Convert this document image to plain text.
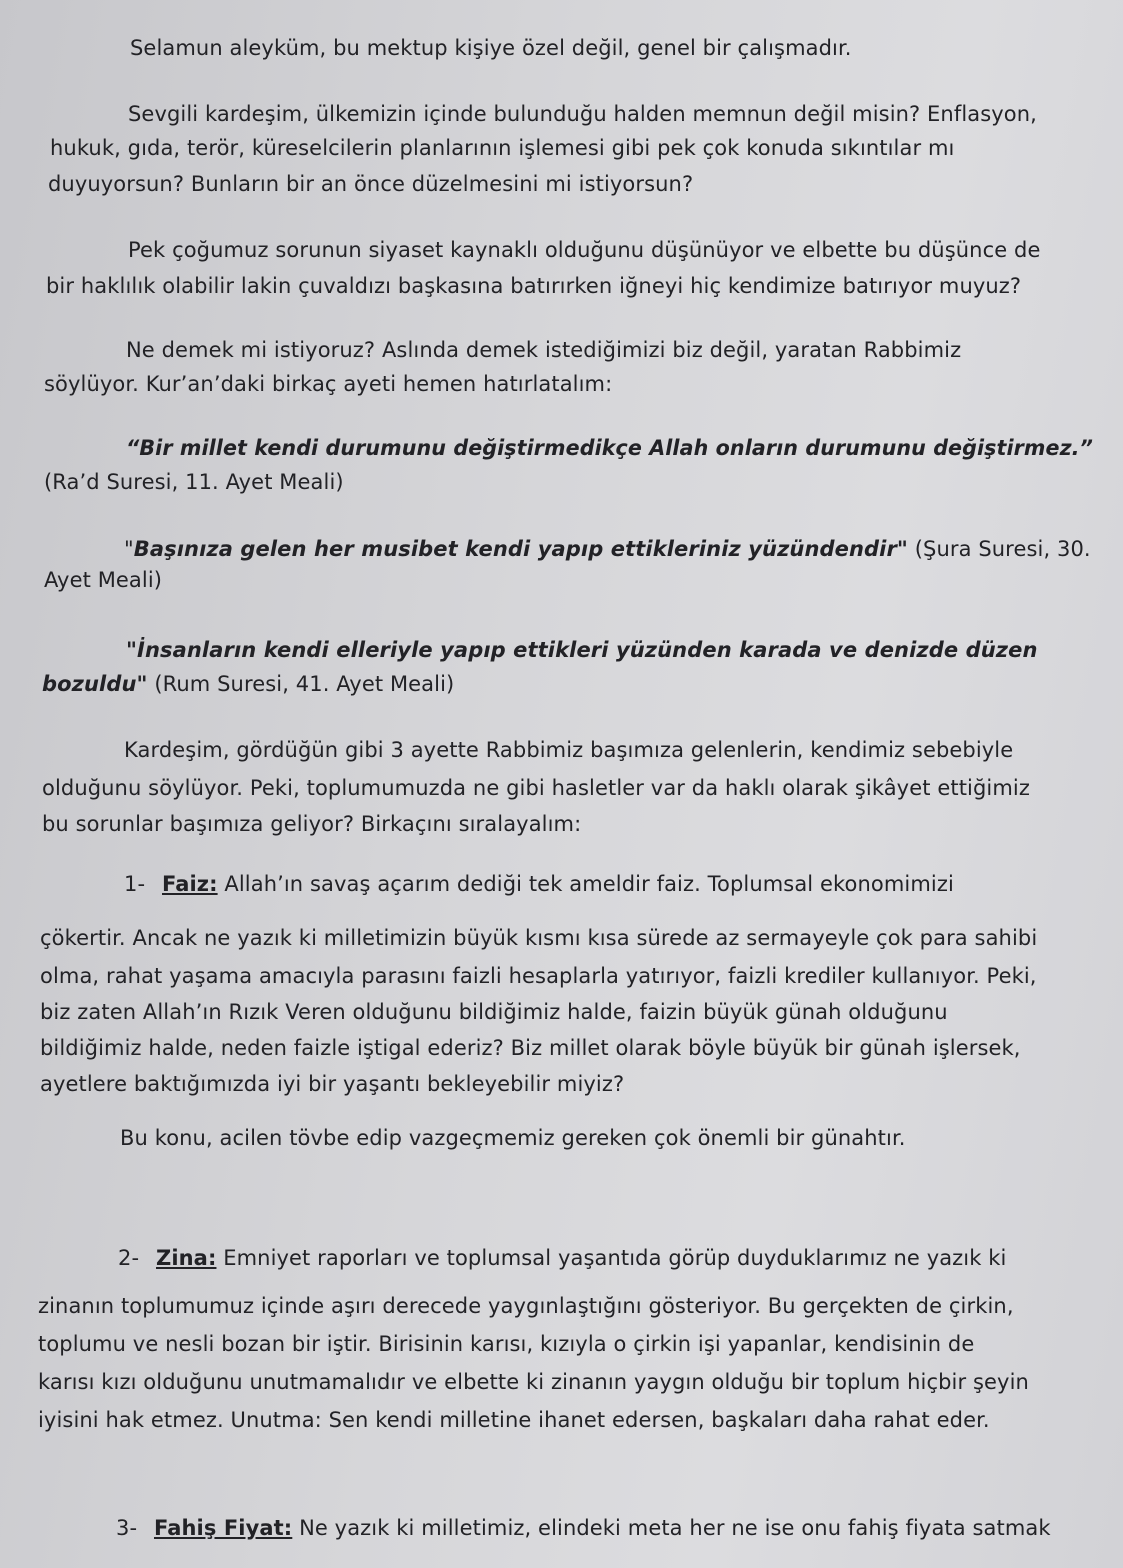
Selamun aleyküm, bu mektup kişiye özel değil, genel bir çalışmadır.
Sevgili kardeşim, ülkemizin içinde bulunduğu halden memnun değil misin? Enflasyon,
hukuk, gıda, terör, küreselcilerin planlarının işlemesi gibi pek çok konuda sıkıntılar mı
duyuyorsun? Bunların bir an önce düzelmesini mi istiyorsun?
Pek çoğumuz sorunun siyaset kaynaklı olduğunu düşünüyor ve elbette bu düşünce de
bir haklılık olabilir lakin çuvaldızı başkasına batırırken iğneyi hiç kendimize batırıyor muyuz?
Ne demek mi istiyoruz? Aslında demek istediğimizi biz değil, yaratan Rabbimiz
söylüyor. Kur’an’daki birkaç ayeti hemen hatırlatalım:
“Bir millet kendi durumunu değiştirmedikçe Allah onların durumunu değiştirmez.”
(Ra’d Suresi, 11. Ayet Meali)
"Başınıza gelen her musibet kendi yapıp ettikleriniz yüzündendir" (Şura Suresi, 30.
Ayet Meali)
"İnsanların kendi elleriyle yapıp ettikleri yüzünden karada ve denizde düzen
bozuldu" (Rum Suresi, 41. Ayet Meali)
Kardeşim, gördüğün gibi 3 ayette Rabbimiz başımıza gelenlerin, kendimiz sebebiyle
olduğunu söylüyor. Peki, toplumumuzda ne gibi hasletler var da haklı olarak şikâyet ettiğimiz
bu sorunlar başımıza geliyor? Birkaçını sıralayalım:
1- Faiz: Allah’ın savaş açarım dediği tek ameldir faiz. Toplumsal ekonomimizi
çökertir. Ancak ne yazık ki milletimizin büyük kısmı kısa sürede az sermayeyle çok para sahibi
olma, rahat yaşama amacıyla parasını faizli hesaplarla yatırıyor, faizli krediler kullanıyor. Peki,
biz zaten Allah’ın Rızık Veren olduğunu bildiğimiz halde, faizin büyük günah olduğunu
bildiğimiz halde, neden faizle iştigal ederiz? Biz millet olarak böyle büyük bir günah işlersek,
ayetlere baktığımızda iyi bir yaşantı bekleyebilir miyiz?
Bu konu, acilen tövbe edip vazgeçmemiz gereken çok önemli bir günahtır.
2- Zina: Emniyet raporları ve toplumsal yaşantıda görüp duyduklarımız ne yazık ki
zinanın toplumumuz içinde aşırı derecede yaygınlaştığını gösteriyor. Bu gerçekten de çirkin,
toplumu ve nesli bozan bir iştir. Birisinin karısı, kızıyla o çirkin işi yapanlar, kendisinin de
karısı kızı olduğunu unutmamalıdır ve elbette ki zinanın yaygın olduğu bir toplum hiçbir şeyin
iyisini hak etmez. Unutma: Sen kendi milletine ihanet edersen, başkaları daha rahat eder.
3- Fahiş Fiyat: Ne yazık ki milletimiz, elindeki meta her ne ise onu fahiş fiyata satmak
